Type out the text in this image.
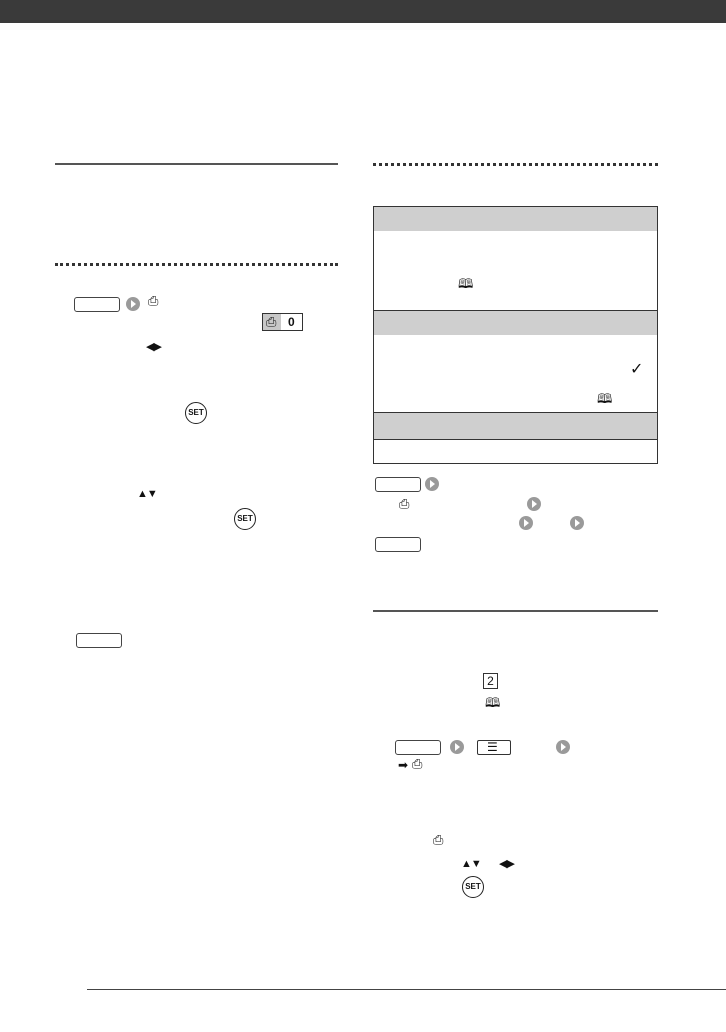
⎙
⎙ 0
◀▶
SET
▲▼
SET
🕮
✓
🕮
⎙
2
🕮
☰
➡ ⎙
⎙
▲▼ ◀▶
SET
